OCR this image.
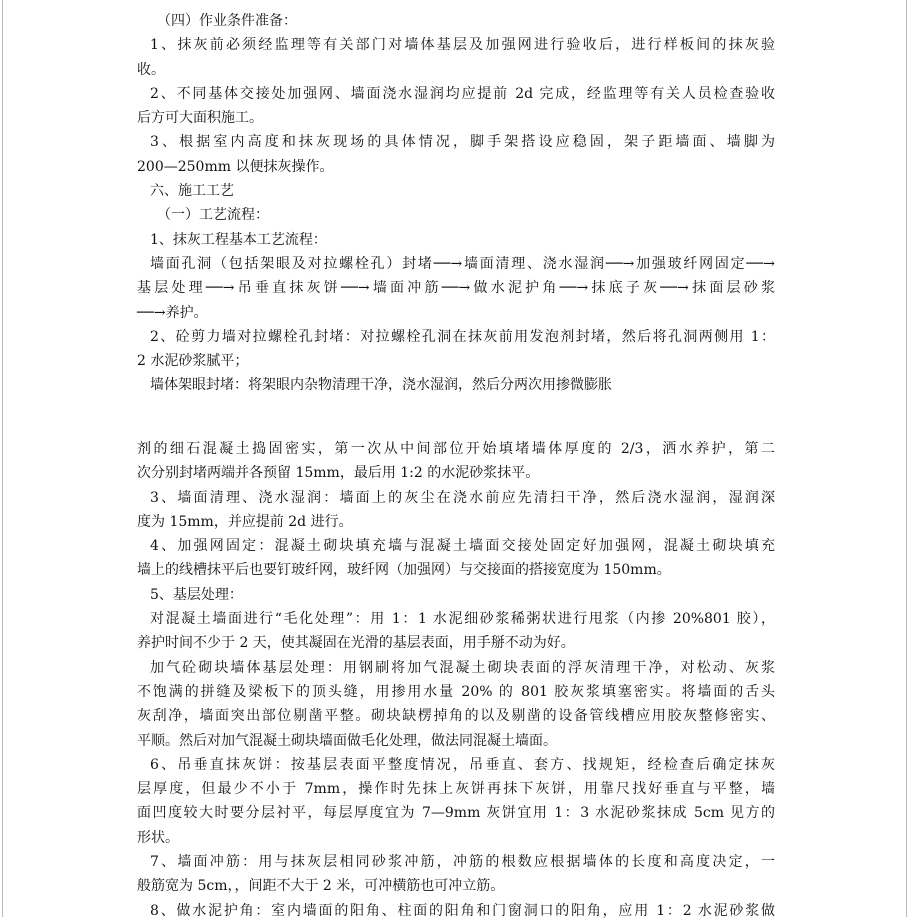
（四）作业条件准备：
1、抹灰前必须经监理等有关部门对墙体基层及加强网进行验收后，进行样板间的抹灰验
收。
2、不同基体交接处加强网、墙面浇水湿润均应提前 2d 完成，经监理等有关人员检查验收
后方可大面积施工。
3、根据室内高度和抹灰现场的具体情况，脚手架搭设应稳固，架子距墙面、墙脚为
200—250mm 以便抹灰操作。
六、施工工艺
（一）工艺流程：
1、抹灰工程基本工艺流程：
墙面孔洞（包括架眼及对拉螺栓孔）封堵──→墙面清理、浇水湿润──→加强玻纤网固定──→
基层处理──→吊垂直抹灰饼──→墙面冲筋──→做水泥护角──→抹底子灰──→抹面层砂浆
──→养护。
2、砼剪力墙对拉螺栓孔封堵：对拉螺栓孔洞在抹灰前用发泡剂封堵，然后将孔洞两侧用 1：
2 水泥砂浆腻平；
墙体架眼封堵：将架眼内杂物清理干净，浇水湿润，然后分两次用掺微膨胀
剂的细石混凝土捣固密实，第一次从中间部位开始填堵墙体厚度的 2/3，洒水养护，第二
次分别封堵两端并各预留 15mm，最后用 1:2 的水泥砂浆抹平。
3、墙面清理、浇水湿润：墙面上的灰尘在浇水前应先清扫干净，然后浇水湿润，湿润深
度为 15mm，并应提前 2d 进行。
4、加强网固定：混凝土砌块填充墙与混凝土墙面交接处固定好加强网，混凝土砌块填充
墙上的线槽抹平后也要钉玻纤网，玻纤网（加强网）与交接面的搭接宽度为 150mm。
5、基层处理：
对混凝土墙面进行“毛化处理”：用 1：1 水泥细砂浆稀粥状进行甩浆（内掺 20%801 胶），
养护时间不少于 2 天，使其凝固在光滑的基层表面，用手掰不动为好。
加气砼砌块墙体基层处理：用钢刷将加气混凝土砌块表面的浮灰清理干净，对松动、灰浆
不饱满的拼缝及梁板下的顶头缝，用掺用水量 20% 的 801 胶灰浆填塞密实。将墙面的舌头
灰刮净，墙面突出部位剔凿平整。砌块缺楞掉角的以及剔凿的设备管线槽应用胶灰整修密实、
平顺。然后对加气混凝土砌块墙面做毛化处理，做法同混凝土墙面。
6、吊垂直抹灰饼：按基层表面平整度情况，吊垂直、套方、找规矩，经检查后确定抹灰
层厚度，但最少不小于 7mm，操作时先抹上灰饼再抹下灰饼，用靠尺找好垂直与平整，墙
面凹度较大时要分层衬平，每层厚度宜为 7—9mm 灰饼宜用 1：3 水泥砂浆抹成 5cm 见方的
形状。
7、墙面冲筋：用与抹灰层相同砂浆冲筋，冲筋的根数应根据墙体的长度和高度决定，一
般筋宽为 5cm，，间距不大于 2 米，可冲横筋也可冲立筋。
8、做水泥护角：室内墙面的阳角、柱面的阳角和门窗洞口的阳角，应用 1：2 水泥砂浆做
